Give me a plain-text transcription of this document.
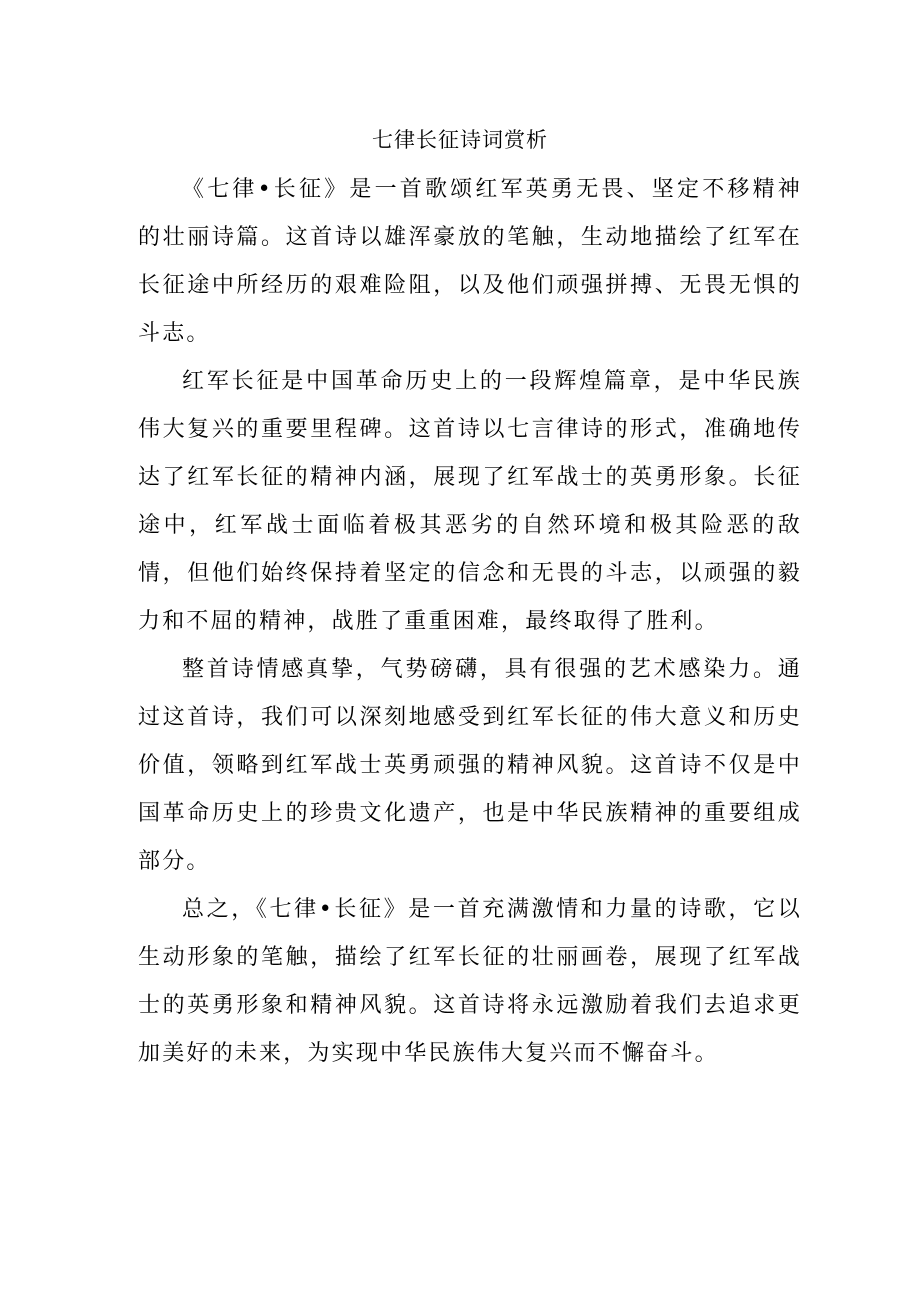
七律长征诗词赏析

《七律•长征》是一首歌颂红军英勇无畏、坚定不移精神的壮丽诗篇。这首诗以雄浑豪放的笔触，生动地描绘了红军在长征途中所经历的艰难险阻，以及他们顽强拼搏、无畏无惧的斗志。

红军长征是中国革命历史上的一段辉煌篇章，是中华民族伟大复兴的重要里程碑。这首诗以七言律诗的形式，准确地传达了红军长征的精神内涵，展现了红军战士的英勇形象。长征途中，红军战士面临着极其恶劣的自然环境和极其险恶的敌情，但他们始终保持着坚定的信念和无畏的斗志，以顽强的毅力和不屈的精神，战胜了重重困难，最终取得了胜利。

整首诗情感真挚，气势磅礴，具有很强的艺术感染力。通过这首诗，我们可以深刻地感受到红军长征的伟大意义和历史价值，领略到红军战士英勇顽强的精神风貌。这首诗不仅是中国革命历史上的珍贵文化遗产，也是中华民族精神的重要组成部分。

总之，《七律•长征》是一首充满激情和力量的诗歌，它以生动形象的笔触，描绘了红军长征的壮丽画卷，展现了红军战士的英勇形象和精神风貌。这首诗将永远激励着我们去追求更加美好的未来，为实现中华民族伟大复兴而不懈奋斗。
